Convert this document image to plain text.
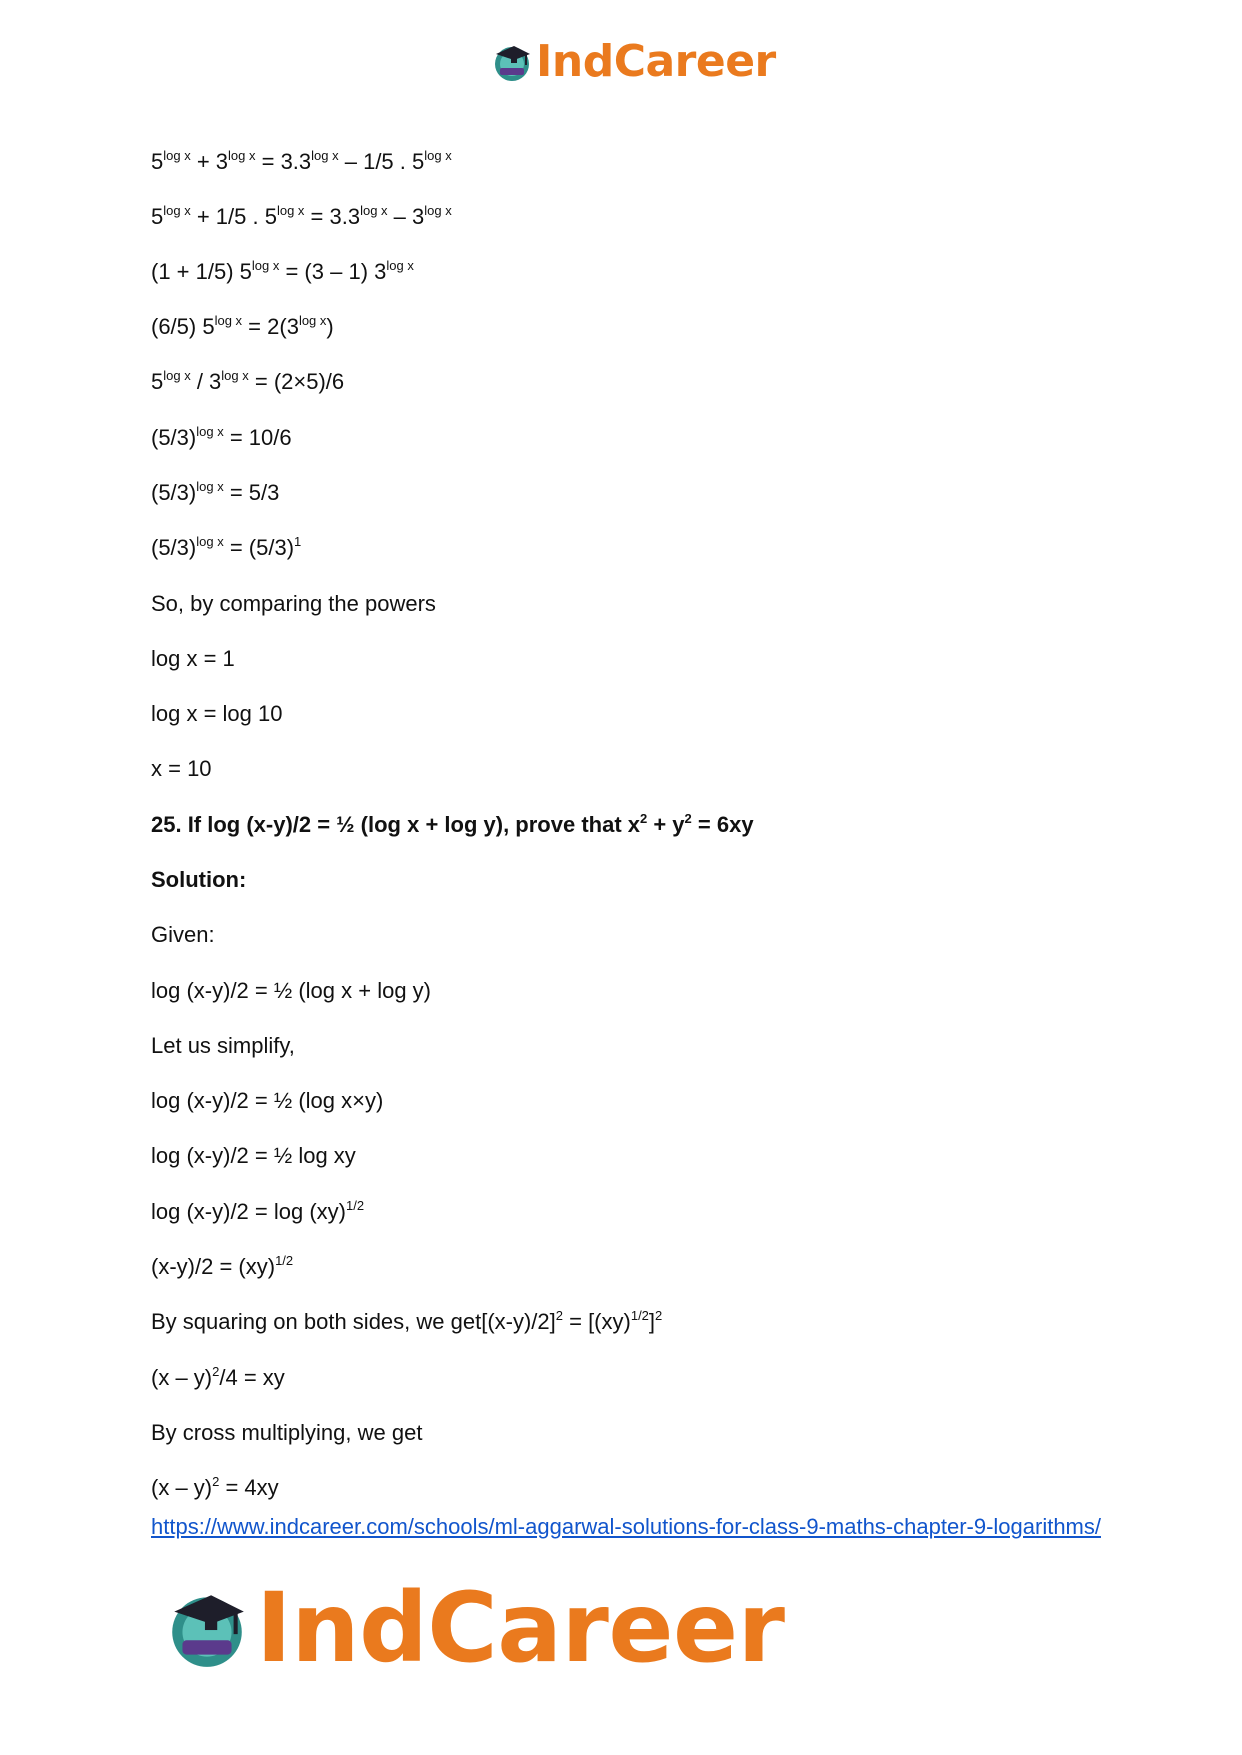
IndCareer
https://www.indcareer.com/schools/ml-aggarwal-solutions-for-class-9-maths-chapter-9-logarithms/
$5^{log x} + 3^{log x} = 3.3^{log x} - 1/5$ . $5^{log x}$
$5^{log x} + 1/5$ . $5^{log x} = 3.3^{log x} - 3^{log x}$
(1 + 1/5) $5^{log x} = (3 - 1)$ $3^{log x}$
(6/5) $5^{log x} = 2(3^{log x})$
$5^{log x} / 3^{log x} = (2\times 5)/6$
$(5/3)^{log x} = 10/6$
$(5/3)^{log x} = 5/3$
$(5/3)^{log x} = (5/3)^1$
So, by comparing the powers
log x = 1
log x = log 10
x = 10
25. If log (x-y)/2 = ½ (log x + log y), prove that $x^2 + y^2 = 6xy$
Solution:
Given:
log (x-y)/2 = ½ (log x + log y)
Let us simplify,
log (x-y)/2 = ½ (log x×y)
log (x-y)/2 = ½ log xy
log (x-y)/2 = log (xy)$^{1/2}$
(x-y)/2 = (xy)$^{1/2}$
By squaring on both sides, we $get[(x-y)/2]^2 = [(xy)^{1/2}]^2$
(x – y)$^2$/4 = xy
By cross multiplying, we get
(x – y)$^2$ = 4xy
IndCareer
